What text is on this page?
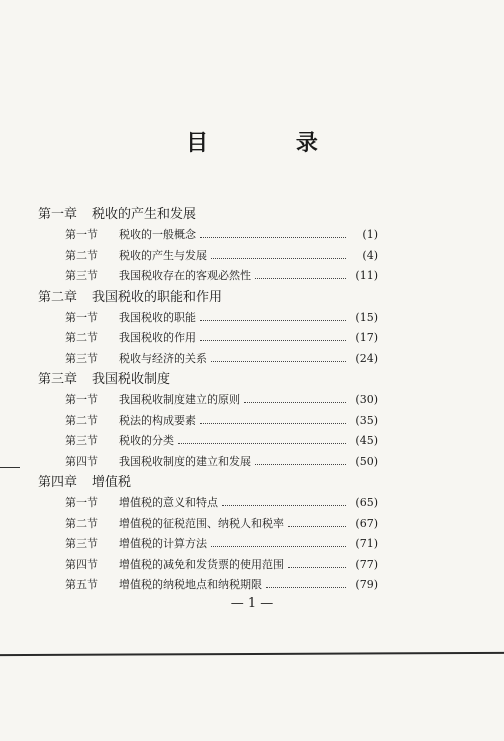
目 录
第一章 税收的产生和发展
第一节	税收的一般概念	(1)
第二节	税收的产生与发展	(4)
第三节	我国税收存在的客观必然性	(11)
第二章 我国税收的职能和作用
第一节	我国税收的职能	(15)
第二节	我国税收的作用	(17)
第三节	税收与经济的关系	(24)
第三章 我国税收制度
第一节	我国税收制度建立的原则	(30)
第二节	税法的构成要素	(35)
第三节	税收的分类	(45)
第四节	我国税收制度的建立和发展	(50)
第四章 增值税
第一节	增值税的意义和特点	(65)
第二节	增值税的征税范围、纳税人和税率	(67)
第三节	增值税的计算方法	(71)
第四节	增值税的减免和发货票的使用范围	(77)
第五节	增值税的纳税地点和纳税期限	(79)
— 1 —
